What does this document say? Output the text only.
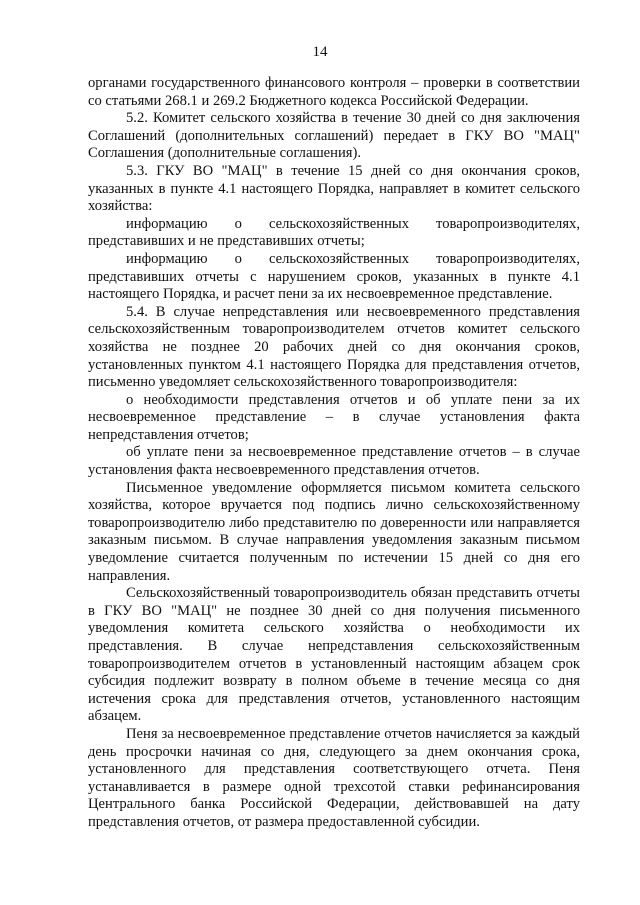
14

органами государственного финансового контроля – проверки в соответствии со статьями 268.1 и 269.2 Бюджетного кодекса Российской Федерации.

5.2. Комитет сельского хозяйства в течение 30 дней со дня заключения Соглашений (дополнительных соглашений) передает в ГКУ ВО "МАЦ" Соглашения (дополнительные соглашения).

5.3. ГКУ ВО "МАЦ" в течение 15 дней со дня окончания сроков, указанных в пункте 4.1 настоящего Порядка, направляет в комитет сельского хозяйства:

информацию о сельскохозяйственных товаропроизводителях, представивших и не представивших отчеты;

информацию о сельскохозяйственных товаропроизводителях, представивших отчеты с нарушением сроков, указанных в пункте 4.1 настоящего Порядка, и расчет пени за их несвоевременное представление.

5.4. В случае непредставления или несвоевременного представления сельскохозяйственным товаропроизводителем отчетов комитет сельского хозяйства не позднее 20 рабочих дней со дня окончания сроков, установленных пунктом 4.1 настоящего Порядка для представления отчетов, письменно уведомляет сельскохозяйственного товаропроизводителя:

о необходимости представления отчетов и об уплате пени за их несвоевременное представление – в случае установления факта непредставления отчетов;

об уплате пени за несвоевременное представление отчетов – в случае установления факта несвоевременного представления отчетов.

Письменное уведомление оформляется письмом комитета сельского хозяйства, которое вручается под подпись лично сельскохозяйственному товаропроизводителю либо представителю по доверенности или направляется заказным письмом. В случае направления уведомления заказным письмом уведомление считается полученным по истечении 15 дней со дня его направления.

Сельскохозяйственный товаропроизводитель обязан представить отчеты в ГКУ ВО "МАЦ" не позднее 30 дней со дня получения письменного уведомления комитета сельского хозяйства о необходимости их представления. В случае непредставления сельскохозяйственным товаропроизводителем отчетов в установленный настоящим абзацем срок субсидия подлежит возврату в полном объеме в течение месяца со дня истечения срока для представления отчетов, установленного настоящим абзацем.

Пеня за несвоевременное представление отчетов начисляется за каждый день просрочки начиная со дня, следующего за днем окончания срока, установленного для представления соответствующего отчета. Пеня устанавливается в размере одной трехсотой ставки рефинансирования Центрального банка Российской Федерации, действовавшей на дату представления отчетов, от размера предоставленной субсидии.
